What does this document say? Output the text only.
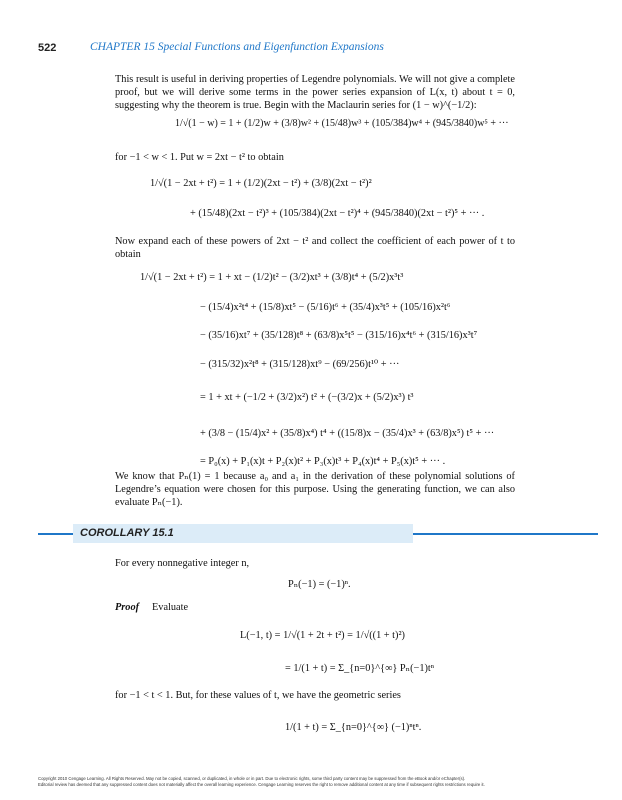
522	CHAPTER 15 Special Functions and Eigenfunction Expansions
This result is useful in deriving properties of Legendre polynomials. We will not give a complete proof, but we will derive some terms in the power series expansion of L(x, t) about t = 0, suggesting why the theorem is true. Begin with the Maclaurin series for (1 − w)^(−1/2):
1/√(1 − w) = 1 + (1/2)w + (3/8)w² + (15/48)w³ + (105/384)w⁴ + (945/3840)w⁵ + ···
for −1 < w < 1. Put w = 2xt − t² to obtain
1/√(1 − 2xt + t²) = 1 + (1/2)(2xt − t²) + (3/8)(2xt − t²)²
+ (15/48)(2xt − t²)³ + (105/384)(2xt − t²)⁴ + (945/3840)(2xt − t²)⁵ + ··· .
Now expand each of these powers of 2xt − t² and collect the coefficient of each power of t to obtain
1/√(1 − 2xt + t²) = 1 + xt − (1/2)t² − (3/2)xt³ + (3/8)t⁴ + (5/2)x³t³
− (15/4)x²t⁴ + (15/8)xt⁵ − (5/16)t⁶ + (35/4)x³t⁵ + (105/16)x²t⁶
− (35/16)xt⁷ + (35/128)t⁸ + (63/8)x⁵t⁵ − (315/16)x⁴t⁶ + (315/16)x³t⁷
− (315/32)x²t⁸ + (315/128)xt⁹ − (69/256)t¹⁰ + ···
= 1 + xt + (−1/2 + (3/2)x²) t² + (−(3/2)x + (5/2)x³) t³
+ (3/8 − (15/4)x² + (35/8)x⁴) t⁴ + ((15/8)x − (35/4)x³ + (63/8)x⁵) t⁵ + ···
= P₀(x) + P₁(x)t + P₂(x)t² + P₃(x)t³ + P₄(x)t⁴ + P₅(x)t⁵ + ··· .
We know that Pₙ(1) = 1 because a₀ and a₁ in the derivation of these polynomial solutions of Legendre’s equation were chosen for this purpose. Using the generating function, we can also evaluate Pₙ(−1).
COROLLARY 15.1
For every nonnegative integer n,
Pₙ(−1) = (−1)ⁿ.
Proof Evaluate
L(−1, t) = 1/√(1 + 2t + t²) = 1/√((1 + t)²)
= 1/(1 + t) = Σ_{n=0}^{∞} Pₙ(−1)tⁿ
for −1 < t < 1. But, for these values of t, we have the geometric series
1/(1 + t) = Σ_{n=0}^{∞} (−1)ⁿtⁿ.
Copyright 2010 Cengage Learning. All Rights Reserved. May not be copied, scanned, or duplicated, in whole or in part. Due to electronic rights, some third party content may be suppressed from the eBook and/or eChapter(s).
Editorial review has deemed that any suppressed content does not materially affect the overall learning experience. Cengage Learning reserves the right to remove additional content at any time if subsequent rights restrictions require it.
